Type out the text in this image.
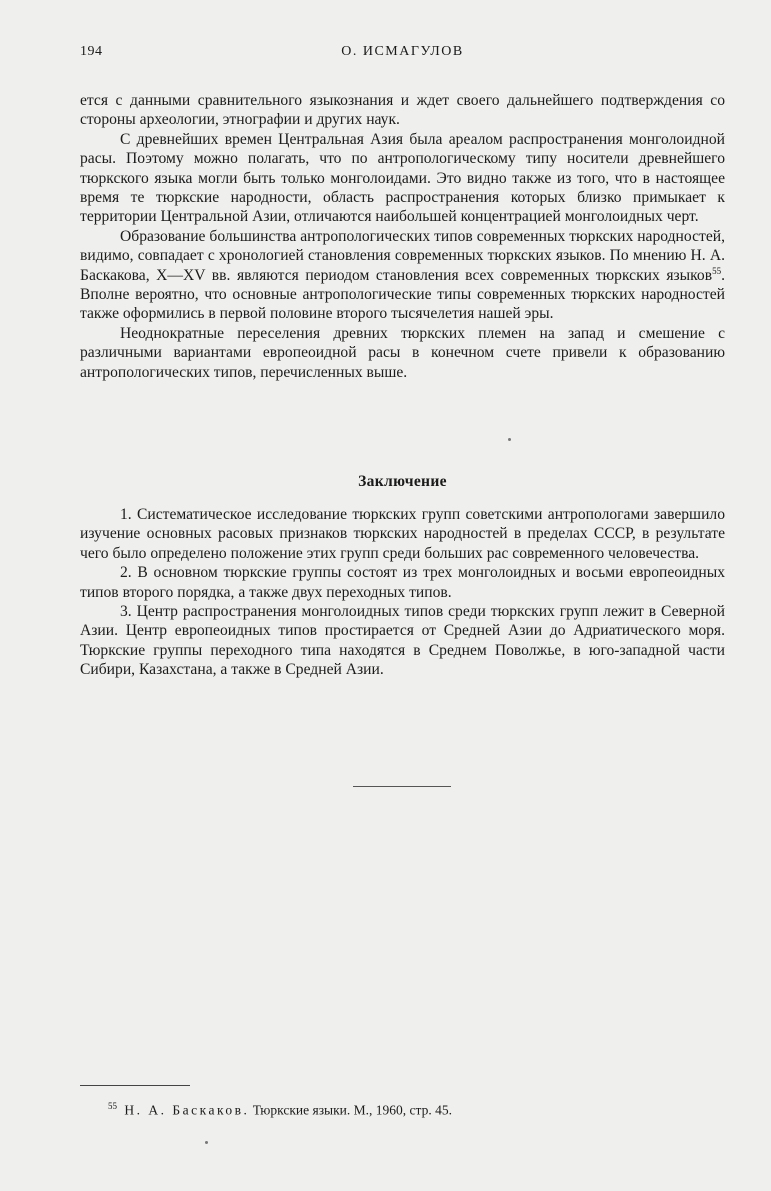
194	О. ИСМАГУЛОВ

ется с данными сравнительного языкознания и ждет своего дальнейшего подтверждения со стороны археологии, этнографии и других наук.

С древнейших времен Центральная Азия была ареалом распространения монголоидной расы. Поэтому можно полагать, что по антропологическому типу носители древнейшего тюркского языка могли быть только монголоидами. Это видно также из того, что в настоящее время те тюркские народности, область распространения которых близко примыкает к территории Центральной Азии, отличаются наибольшей концентрацией монголоидных черт.

Образование большинства антропологических типов современных тюркских народностей, видимо, совпадает с хронологией становления современных тюркских языков. По мнению Н. А. Баскакова, X—XV вв. являются периодом становления всех современных тюркских языков$^{55}$. Вполне вероятно, что основные антропологические типы современных тюркских народностей также оформились в первой половине второго тысячелетия нашей эры.

Неоднократные переселения древних тюркских племен на запад и смешение с различными вариантами европеоидной расы в конечном счете привели к образованию антропологических типов, перечисленных выше.

Заключение

1. Систематическое исследование тюркских групп советскими антропологами завершило изучение основных расовых признаков тюркских народностей в пределах СССР, в результате чего было определено положение этих групп среди больших рас современного человечества.

2. В основном тюркские группы состоят из трех монголоидных и восьми европеоидных типов второго порядка, а также двух переходных типов.

3. Центр распространения монголоидных типов среди тюркских групп лежит в Северной Азии. Центр европеоидных типов простирается от Средней Азии до Адриатического моря. Тюркские группы переходного типа находятся в Среднем Поволжье, в юго-западной части Сибири, Казахстана, а также в Средней Азии.

$^{55}$ Н. А. Баскаков. Тюркские языки. М., 1960, стр. 45.
